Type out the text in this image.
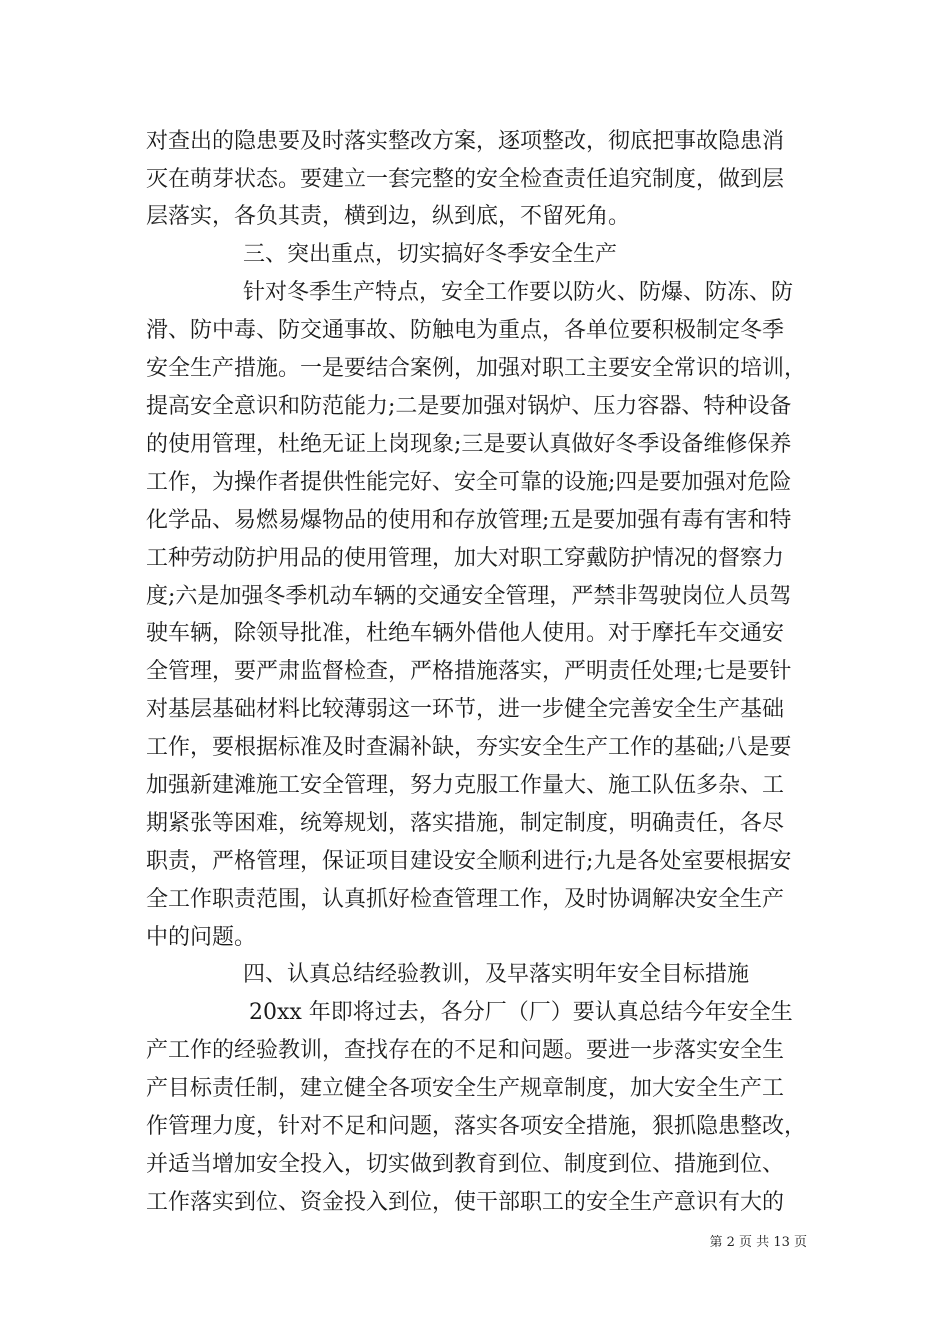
对查出的隐患要及时落实整改方案，逐项整改，彻底把事故隐患消
灭在萌芽状态。要建立一套完整的安全检查责任追究制度，做到层
层落实，各负其责，横到边，纵到底，不留死角。
三、突出重点，切实搞好冬季安全生产
针对冬季生产特点，安全工作要以防火、防爆、防冻、防
滑、防中毒、防交通事故、防触电为重点，各单位要积极制定冬季
安全生产措施。一是要结合案例，加强对职工主要安全常识的培训，
提高安全意识和防范能力;二是要加强对锅炉、压力容器、特种设备
的使用管理，杜绝无证上岗现象;三是要认真做好冬季设备维修保养
工作，为操作者提供性能完好、安全可靠的设施;四是要加强对危险
化学品、易燃易爆物品的使用和存放管理;五是要加强有毒有害和特
工种劳动防护用品的使用管理，加大对职工穿戴防护情况的督察力
度;六是加强冬季机动车辆的交通安全管理，严禁非驾驶岗位人员驾
驶车辆，除领导批准，杜绝车辆外借他人使用。对于摩托车交通安
全管理，要严肃监督检查，严格措施落实，严明责任处理;七是要针
对基层基础材料比较薄弱这一环节，进一步健全完善安全生产基础
工作，要根据标准及时查漏补缺，夯实安全生产工作的基础;八是要
加强新建滩施工安全管理，努力克服工作量大、施工队伍多杂、工
期紧张等困难，统筹规划，落实措施，制定制度，明确责任，各尽
职责，严格管理，保证项目建设安全顺利进行;九是各处室要根据安
全工作职责范围，认真抓好检查管理工作，及时协调解决安全生产
中的问题。
四、认真总结经验教训，及早落实明年安全目标措施
20xx 年即将过去，各分厂（厂）要认真总结今年安全生
产工作的经验教训，查找存在的不足和问题。要进一步落实安全生
产目标责任制，建立健全各项安全生产规章制度，加大安全生产工
作管理力度，针对不足和问题，落实各项安全措施，狠抓隐患整改，
并适当增加安全投入，切实做到教育到位、制度到位、措施到位、
工作落实到位、资金投入到位，使干部职工的安全生产意识有大的
第 2 页 共 13 页
